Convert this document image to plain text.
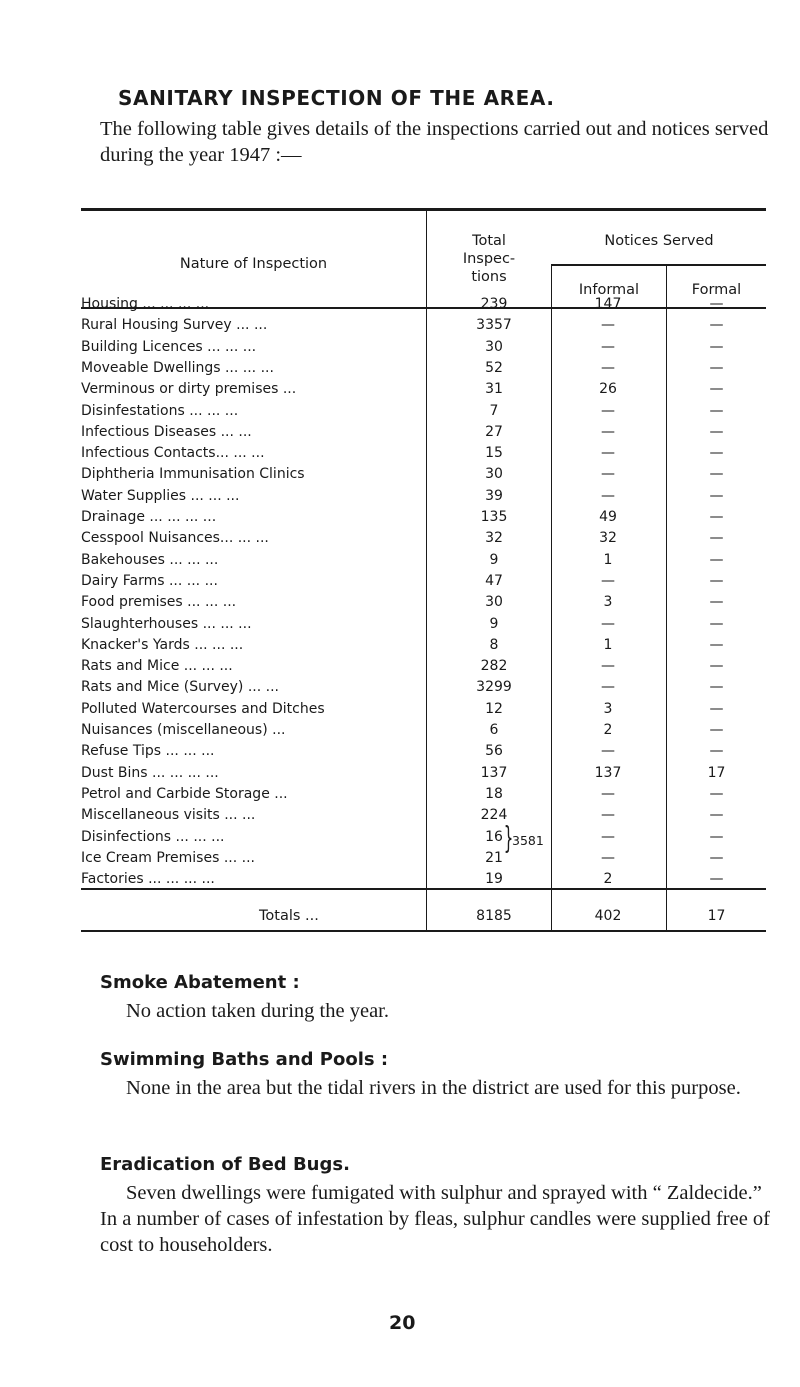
SANITARY INSPECTION OF THE AREA.
The following table gives details of the inspections carried out and notices served during the year 1947 :—
Nature of Inspection
Total
Inspec-
tions
Notices Served
Informal	Formal
Housing ... ... ... ...	239	147	—
Rural Housing Survey ... ...	3357	—	—
Building Licences ... ... ...	30	—	—
Moveable Dwellings ... ... ...	52	—	—
Verminous or dirty premises ...	31	26	—
Disinfestations ... ... ...	7	—	—
Infectious Diseases ... ...	27	—	—
Infectious Contacts... ... ...	15	—	—
Diphtheria Immunisation Clinics	30	—	—
Water Supplies ... ... ...	39	—	—
Drainage ... ... ... ...	135	49	—
Cesspool Nuisances... ... ...	32	32	—
Bakehouses ... ... ...	9	1	—
Dairy Farms ... ... ...	47	—	—
Food premises ... ... ...	30	3	—
Slaughterhouses ... ... ...	9	—	—
Knacker's Yards ... ... ...	8	1	—
Rats and Mice ... ... ...	282	—	—
Rats and Mice (Survey) ... ...	3299	—	—
Polluted Watercourses and Ditches	12	3	—
Nuisances (miscellaneous) ...	6	2	—
Refuse Tips ... ... ...	56	—	—
Dust Bins ... ... ... ...	137	137	17
Petrol and Carbide Storage ...	18	—	—
Miscellaneous visits ... ...	224	—	—
Disinfections ... ... ...	16	—	—
Ice Cream Premises ... ...	21	—	—
Factories ... ... ... ...	19	2	—
}
3581
Totals ...	8185	402	17
Smoke Abatement :
No action taken during the year.
Swimming Baths and Pools :
None in the area but the tidal rivers in the district are used for this purpose.
Eradication of Bed Bugs.
Seven dwellings were fumigated with sulphur and sprayed with “ Zaldecide.” In a number of cases of infestation by fleas, sulphur candles were supplied free of cost to householders.
20
